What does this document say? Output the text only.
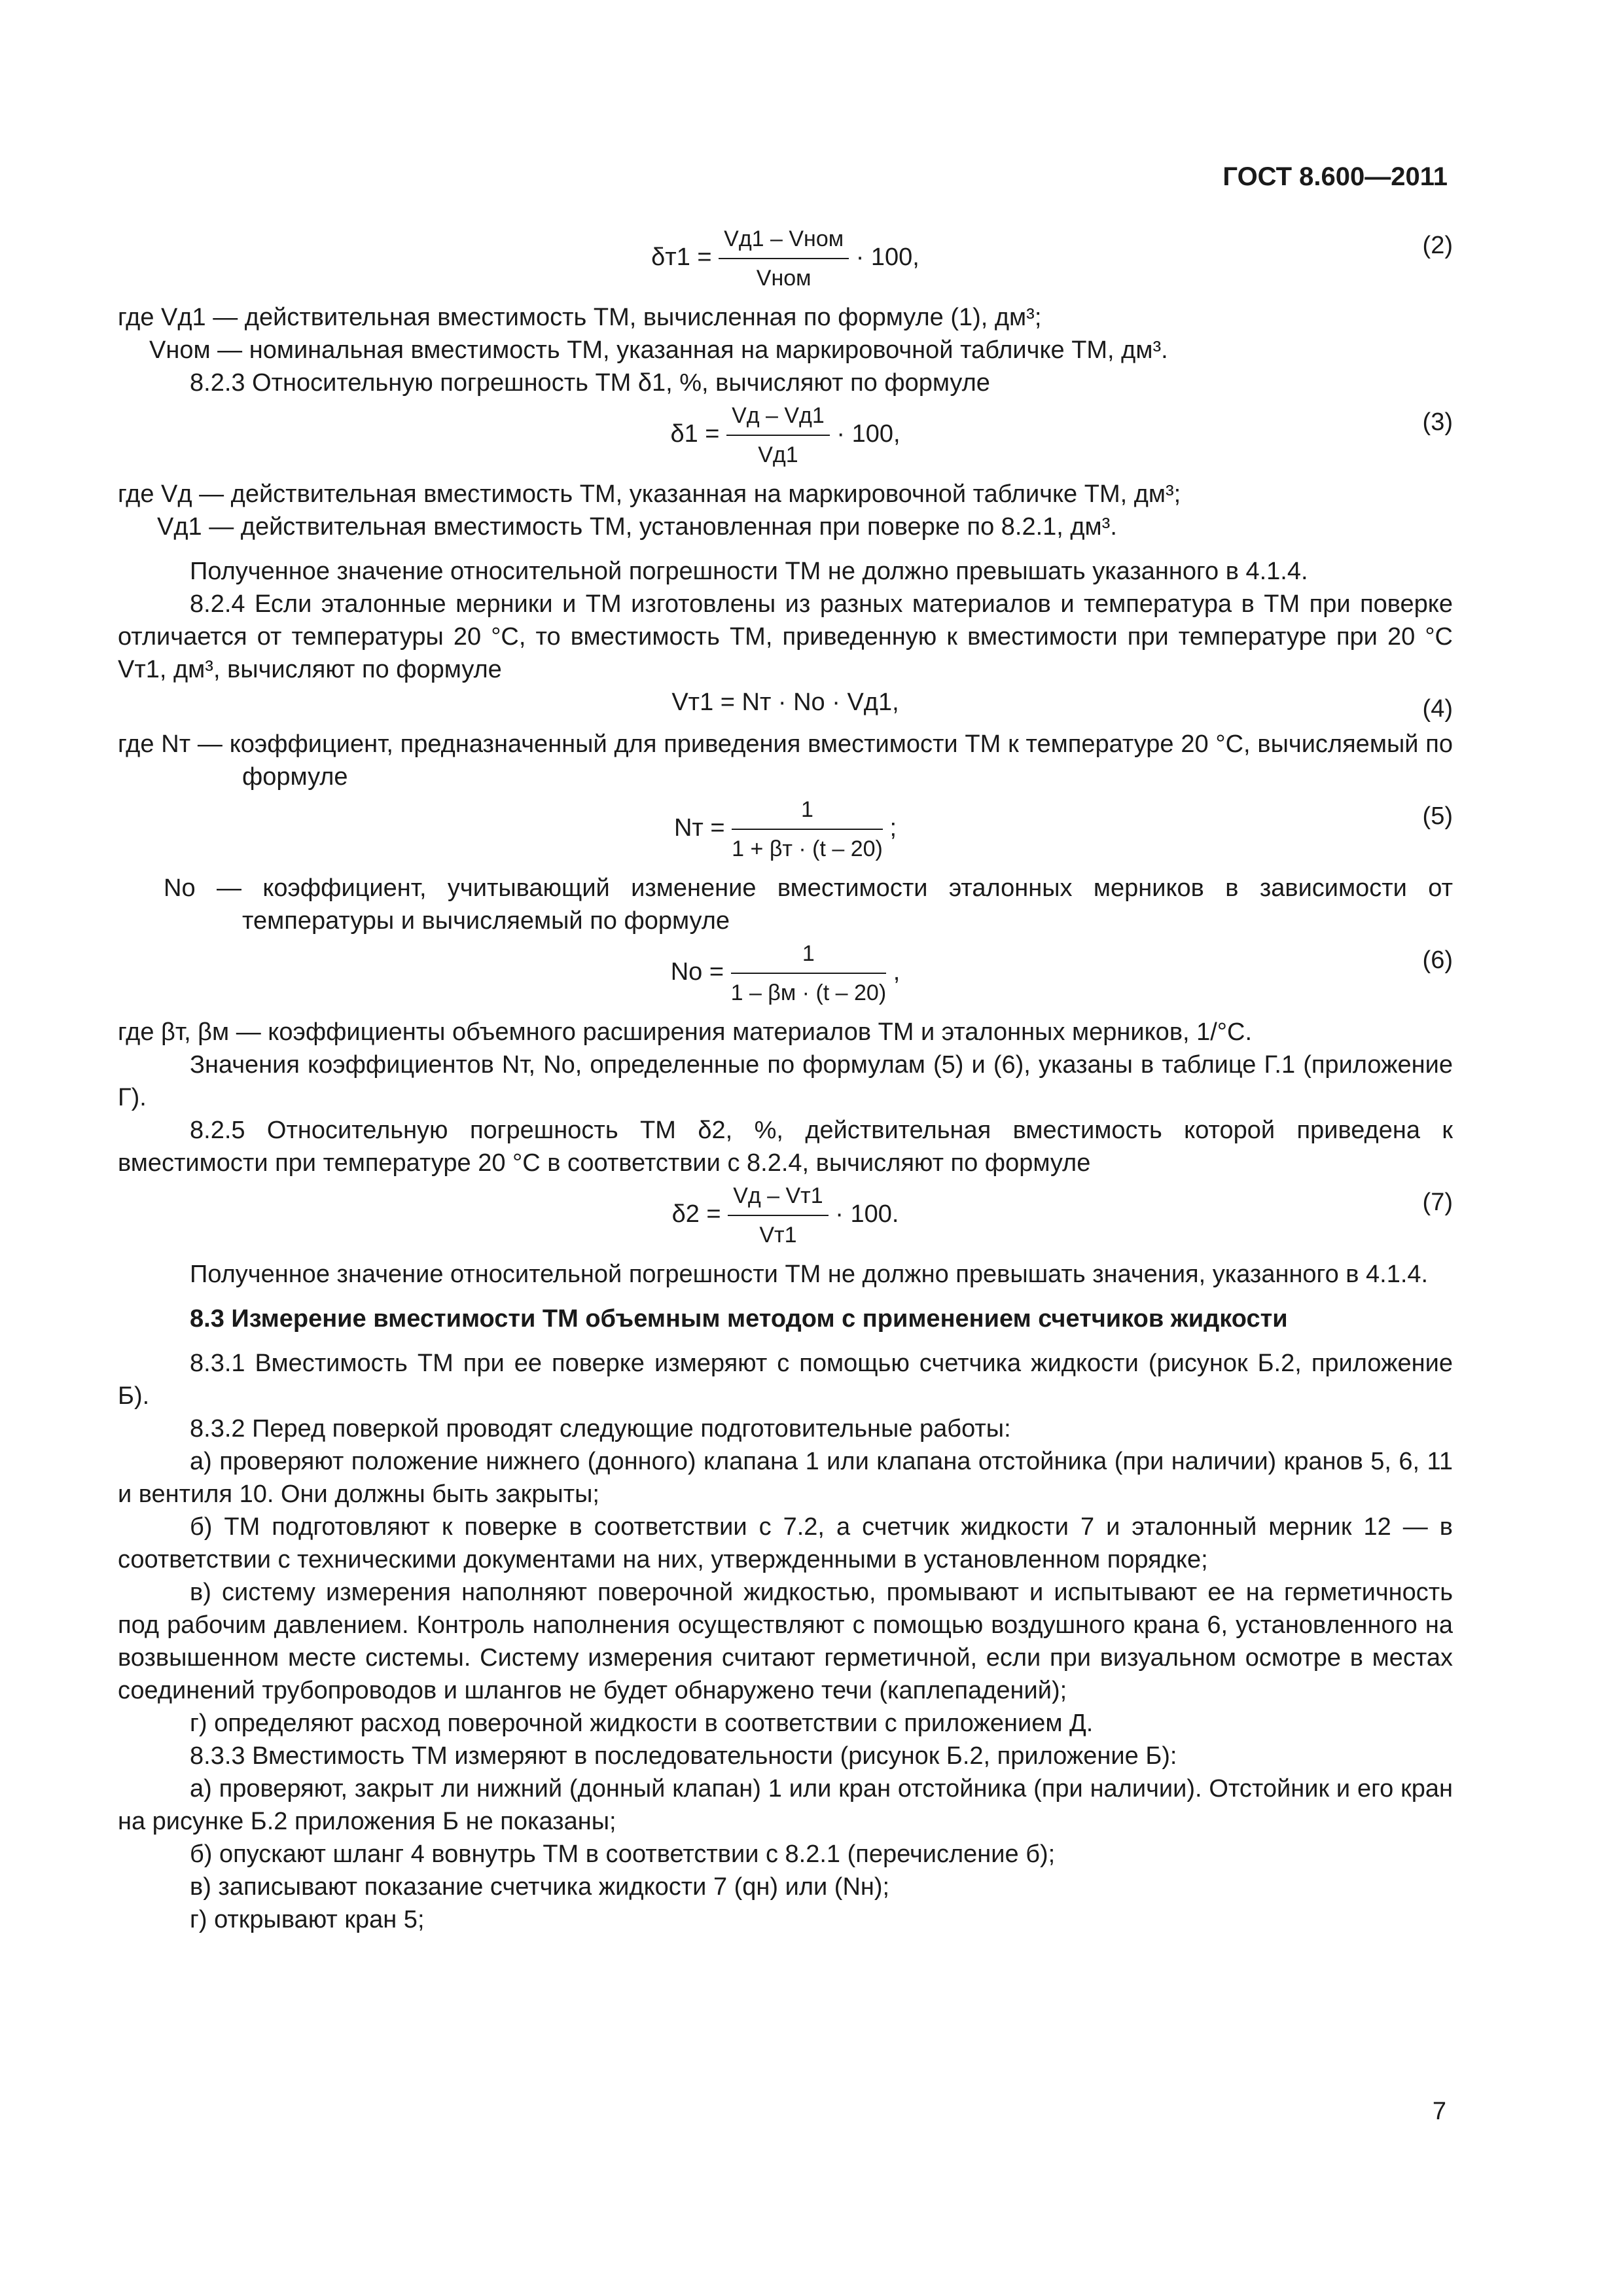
ГОСТ 8.600—2011
$\delta т1 = \frac{\text{Vд1 – Vном}}{\text{Vном}} \cdot 100$,	(2)

где Vд1 — действительная вместимость ТМ, вычисленная по формуле (1), дм³;

Vном — номинальная вместимость ТМ, указанная на маркировочной табличке ТМ, дм³.

8.2.3 Относительную погрешность ТМ δ1, %, вычисляют по формуле

$\delta 1 = \frac{Vд - Vд1}{Vд1} \cdot 100$,	(3)

где Vд — действительная вместимость ТМ, указанная на маркировочной табличке ТМ, дм³;

Vд1 — действительная вместимость ТМ, установленная при поверке по 8.2.1, дм³.

Полученное значение относительной погрешности ТМ не должно превышать указанного в 4.1.4.

8.2.4 Если эталонные мерники и ТМ изготовлены из разных материалов и температура в ТМ при поверке отличается от температуры 20 °С, то вместимость ТМ, приведенную к вместимости при температуре при 20 °С Vт1, дм³, вычисляют по формуле

Vт1 = Nт · Nо · Vд1,	(4)

где Nт — коэффициент, предназначенный для приведения вместимости ТМ к температуре 20 °С, вычисляемый по формуле

Nт = $\frac{1}{1 + \beta т \cdot (t - 20)}$ ;	(5)

Nо — коэффициент, учитывающий изменение вместимости эталонных мерников в зависимости от температуры и вычисляемый по формуле

Nо = $\frac{1}{1 - \beta м \cdot (t - 20)}$ ,	(6)

где βт, βм — коэффициенты объемного расширения материалов ТМ и эталонных мерников, 1/°С.

Значения коэффициентов Nт, Nо, определенные по формулам (5) и (6), указаны в таблице Г.1 (приложение Г).

8.2.5 Относительную погрешность ТМ δ2, %, действительная вместимость которой приведена к вместимости при температуре 20 °С в соответствии с 8.2.4, вычисляют по формуле

$\delta 2 = \frac{Vд - Vт1}{Vт1} \cdot 100$.	(7)

Полученное значение относительной погрешности ТМ не должно превышать значения, указанного в 4.1.4.

8.3 Измерение вместимости ТМ объемным методом с применением счетчиков жидкости

8.3.1 Вместимость ТМ при ее поверке измеряют с помощью счетчика жидкости (рисунок Б.2, приложение Б).

8.3.2 Перед поверкой проводят следующие подготовительные работы:

а) проверяют положение нижнего (донного) клапана 1 или клапана отстойника (при наличии) кранов 5, 6, 11 и вентиля 10. Они должны быть закрыты;

б) ТМ подготовляют к поверке в соответствии с 7.2, а счетчик жидкости 7 и эталонный мерник 12 — в соответствии с техническими документами на них, утвержденными в установленном порядке;

в) систему измерения наполняют поверочной жидкостью, промывают и испытывают ее на герметичность под рабочим давлением. Контроль наполнения осуществляют с помощью воздушного крана 6, установленного на возвышенном месте системы. Систему измерения считают герметичной, если при визуальном осмотре в местах соединений трубопроводов и шлангов не будет обнаружено течи (каплепадений);

г) определяют расход поверочной жидкости в соответствии с приложением Д.

8.3.3 Вместимость ТМ измеряют в последовательности (рисунок Б.2, приложение Б):

а) проверяют, закрыт ли нижний (донный клапан) 1 или кран отстойника (при наличии). Отстойник и его кран на рисунке Б.2 приложения Б не показаны;

б) опускают шланг 4 вовнутрь ТМ в соответствии с 8.2.1 (перечисление б);

в) записывают показание счетчика жидкости 7 (qн) или (Nн);

г) открывают кран 5;

7
